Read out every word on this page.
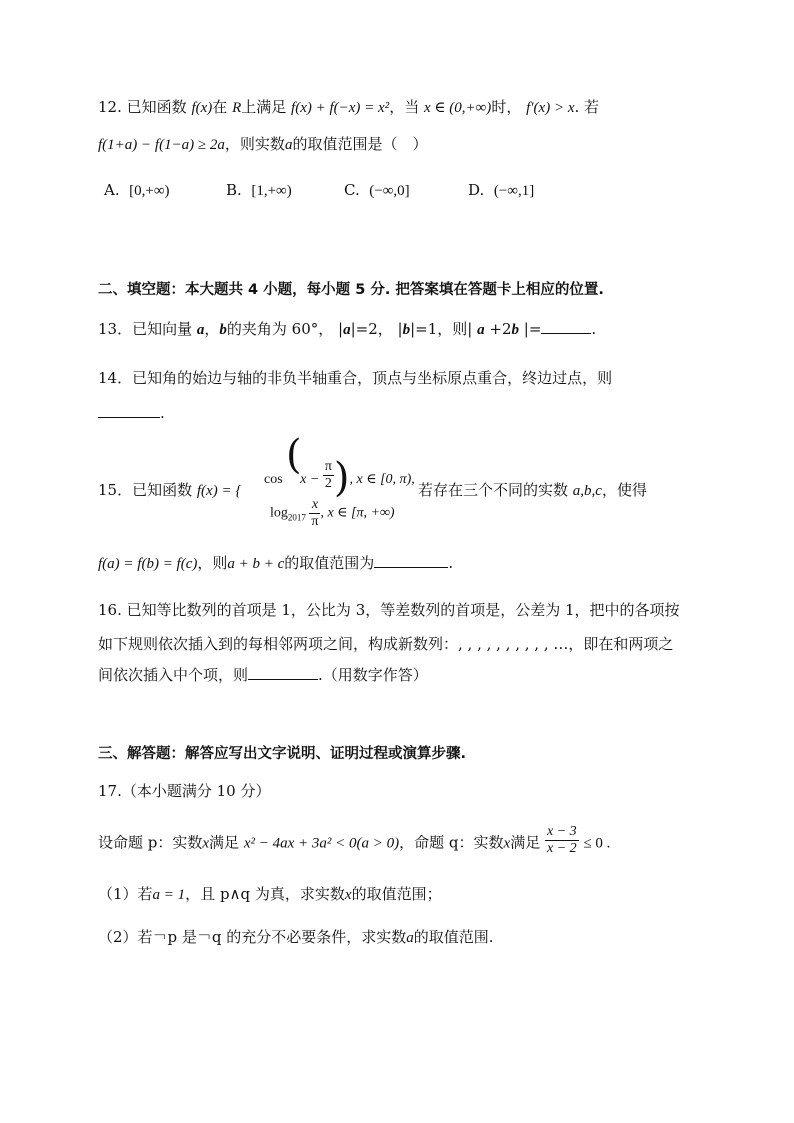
12. 已知函数 f(x)在 R上满足 f(x) + f(−x) = x²，当 x ∈ (0,+∞)时， f′(x) > x. 若
f(1+a) − f(1−a) ≥ 2a，则实数a的取值范围是（　）
A. [0,+∞)	B. [1,+∞)	C. (−∞,0]	D. (−∞,1]
二、填空题：本大题共 4 小题，每小题 5 分. 把答案填在答题卡上相应的位置.
13．已知向量 a，b的夹角为 60°， |a|=2， |b|=1，则| a +2b |=	.
14．已知角的始边与轴的非负半轴重合，顶点与坐标原点重合，终边过点，则
.
15．已知函数 f(x) = {
cos
(
$x - \frac{\pi}{2}$ ), x ∈ [0, π),
$\log_{2017} \frac{x}{\pi}$ , x ∈ [π, +∞)
若存在三个不同的实数 a,b,c，使得
f(a) = f(b) = f(c)，则a + b + c的取值范围为	.
16. 已知等比数列的首项是 1，公比为 3，等差数列的首项是，公差为 1，把中的各项按
如下规则依次插入到的每相邻两项之间，构成新数列：, , , , , , , , , , …，即在和两项之
间依次插入中个项，则	.（用数字作答）
三、解答题：解答应写出文字说明、证明过程或演算步骤.
17.（本小题满分 10 分）
设命题 p：实数x满足 x² − 4ax + 3a² < 0(a > 0)，命题 q：实数x满足 $\frac{x - 3}{x - 2} \le 0$ .
（1）若a = 1，且 p∧q 为真，求实数x的取值范围；
（2）若￢p 是￢q 的充分不必要条件，求实数a的取值范围.
